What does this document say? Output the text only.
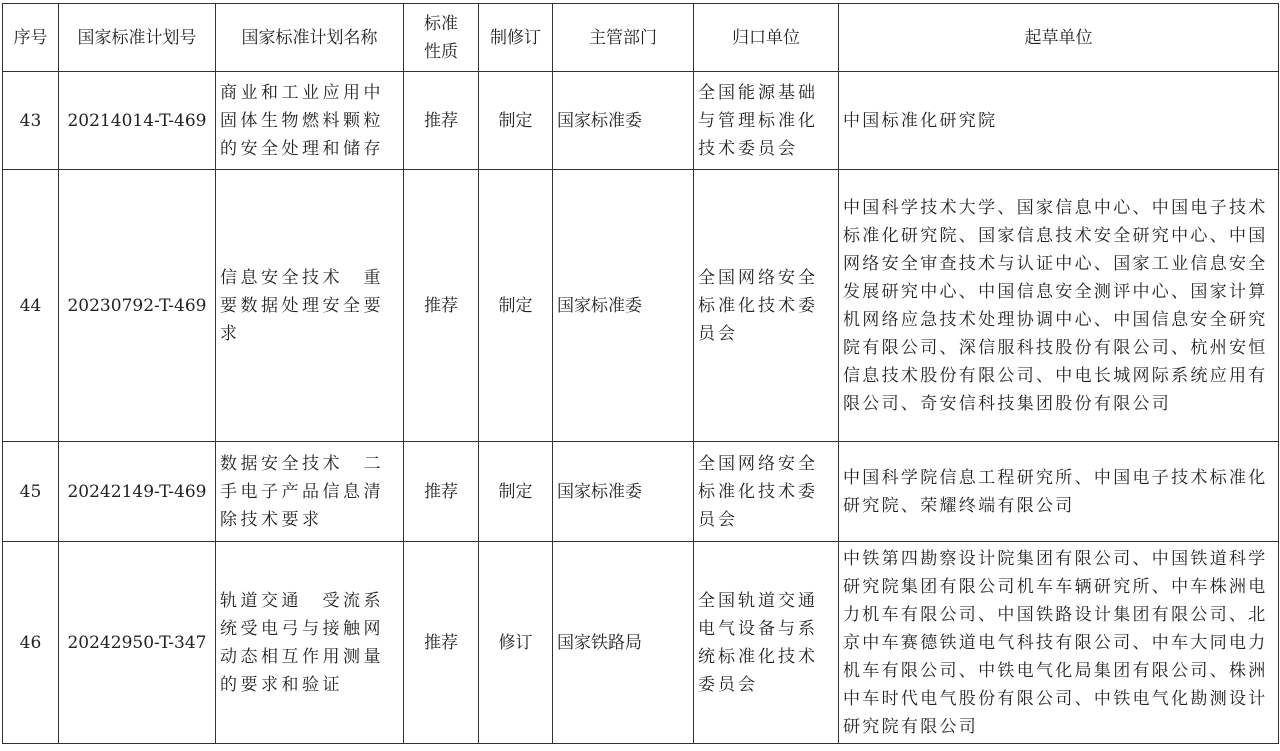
序号	国家标准计划号	国家标准计划名称	标准性质	制修订	主管部门	归口单位	起草单位
43	20214014-T-469	商业和工业应用中固体生物燃料颗粒的安全处理和储存	推荐	制定	国家标准委	全国能源基础与管理标准化技术委员会	中国标准化研究院
44	20230792-T-469	信息安全技术　重要数据处理安全要求	推荐	制定	国家标准委	全国网络安全标准化技术委员会	中国科学技术大学、国家信息中心、中国电子技术标准化研究院、国家信息技术安全研究中心、中国网络安全审查技术与认证中心、国家工业信息安全发展研究中心、中国信息安全测评中心、国家计算机网络应急技术处理协调中心、中国信息安全研究院有限公司、深信服科技股份有限公司、杭州安恒信息技术股份有限公司、中电长城网际系统应用有限公司、奇安信科技集团股份有限公司
45	20242149-T-469	数据安全技术　二手电子产品信息清除技术要求	推荐	制定	国家标准委	全国网络安全标准化技术委员会	中国科学院信息工程研究所、中国电子技术标准化研究院、荣耀终端有限公司
46	20242950-T-347	轨道交通　受流系统受电弓与接触网动态相互作用测量的要求和验证	推荐	修订	国家铁路局	全国轨道交通电气设备与系统标准化技术委员会	中铁第四勘察设计院集团有限公司、中国铁道科学研究院集团有限公司机车车辆研究所、中车株洲电力机车有限公司、中国铁路设计集团有限公司、北京中车赛德铁道电气科技有限公司、中车大同电力机车有限公司、中铁电气化局集团有限公司、株洲中车时代电气股份有限公司、中铁电气化勘测设计研究院有限公司
